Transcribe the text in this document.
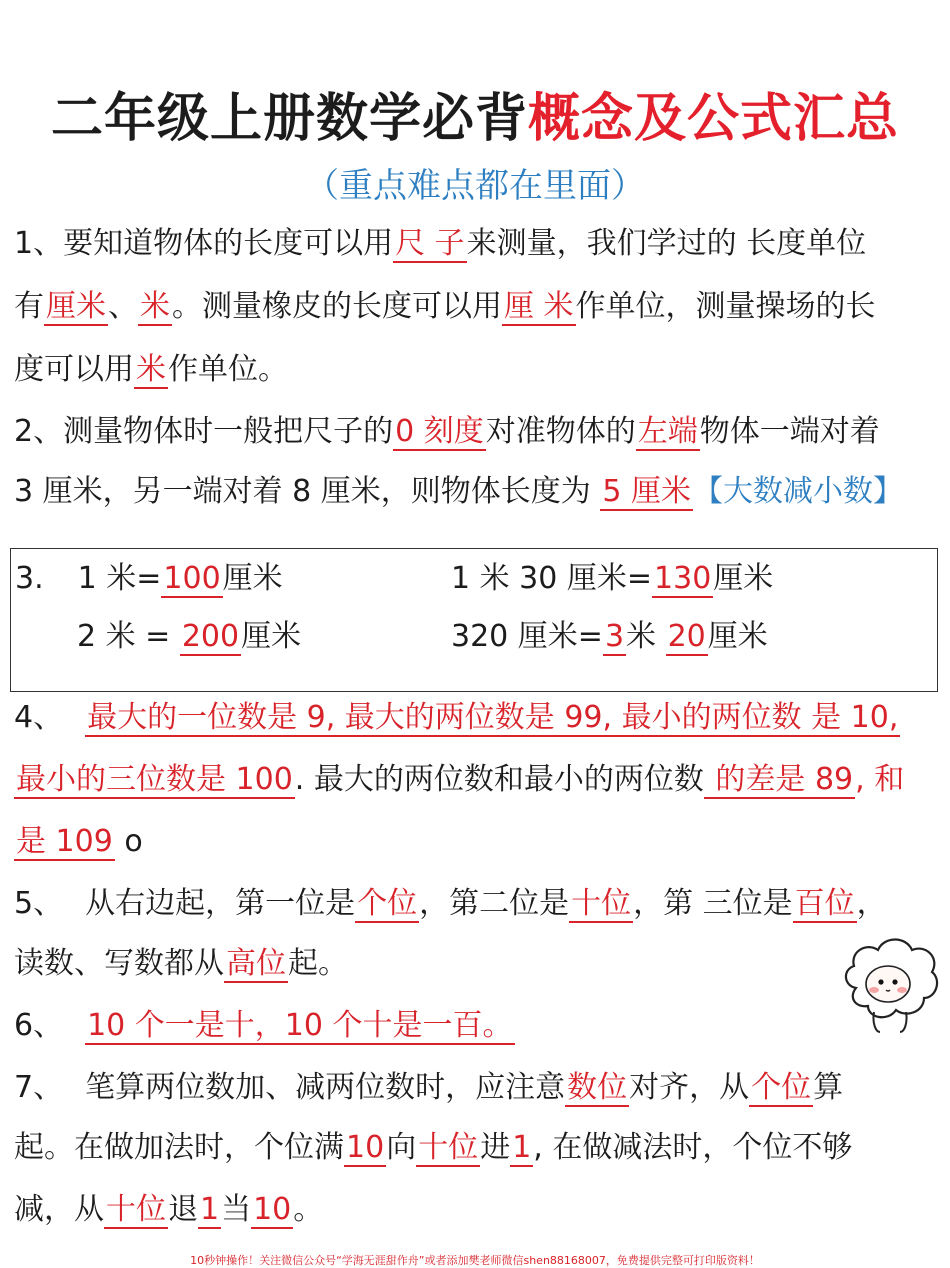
二年级上册数学必背概念及公式汇总
（重点难点都在里面）
1、要知道物体的长度可以用尺 子来测量，我们学过的 长度单位
有厘米、米。测量橡皮的长度可以用厘 米作单位，测量操场的长
度可以用米作单位。
2、测量物体时一般把尺子的0 刻度对准物体的左端物体一端对着
3 厘米，另一端对着 8 厘米，则物体长度为 5 厘米【大数减小数】
3. 1 米=100厘米	1 米 30 厘米=130厘米
2 米 = 200厘米	320 厘米=3米 20厘米
4、 最大的一位数是 9, 最大的两位数是 99, 最小的两位数 是 10,
最小的三位数是 100. 最大的两位数和最小的两位数 的差是 89, 和
是 109 o
5、 从右边起，第一位是个位，第二位是十位，第 三位是百位，
读数、写数都从高位起。
6、 10 个一是十，10 个十是一百。
7、 笔算两位数加、减两位数时，应注意数位对齐，从个位算
起。在做加法时，个位满10向十位进1, 在做减法时，个位不够
减，从十位退1当10。
10秒钟操作！关注微信公众号“学海无涯甜作舟”或者添加樊老师微信shen88168007，免费提供完整可打印版资料！
